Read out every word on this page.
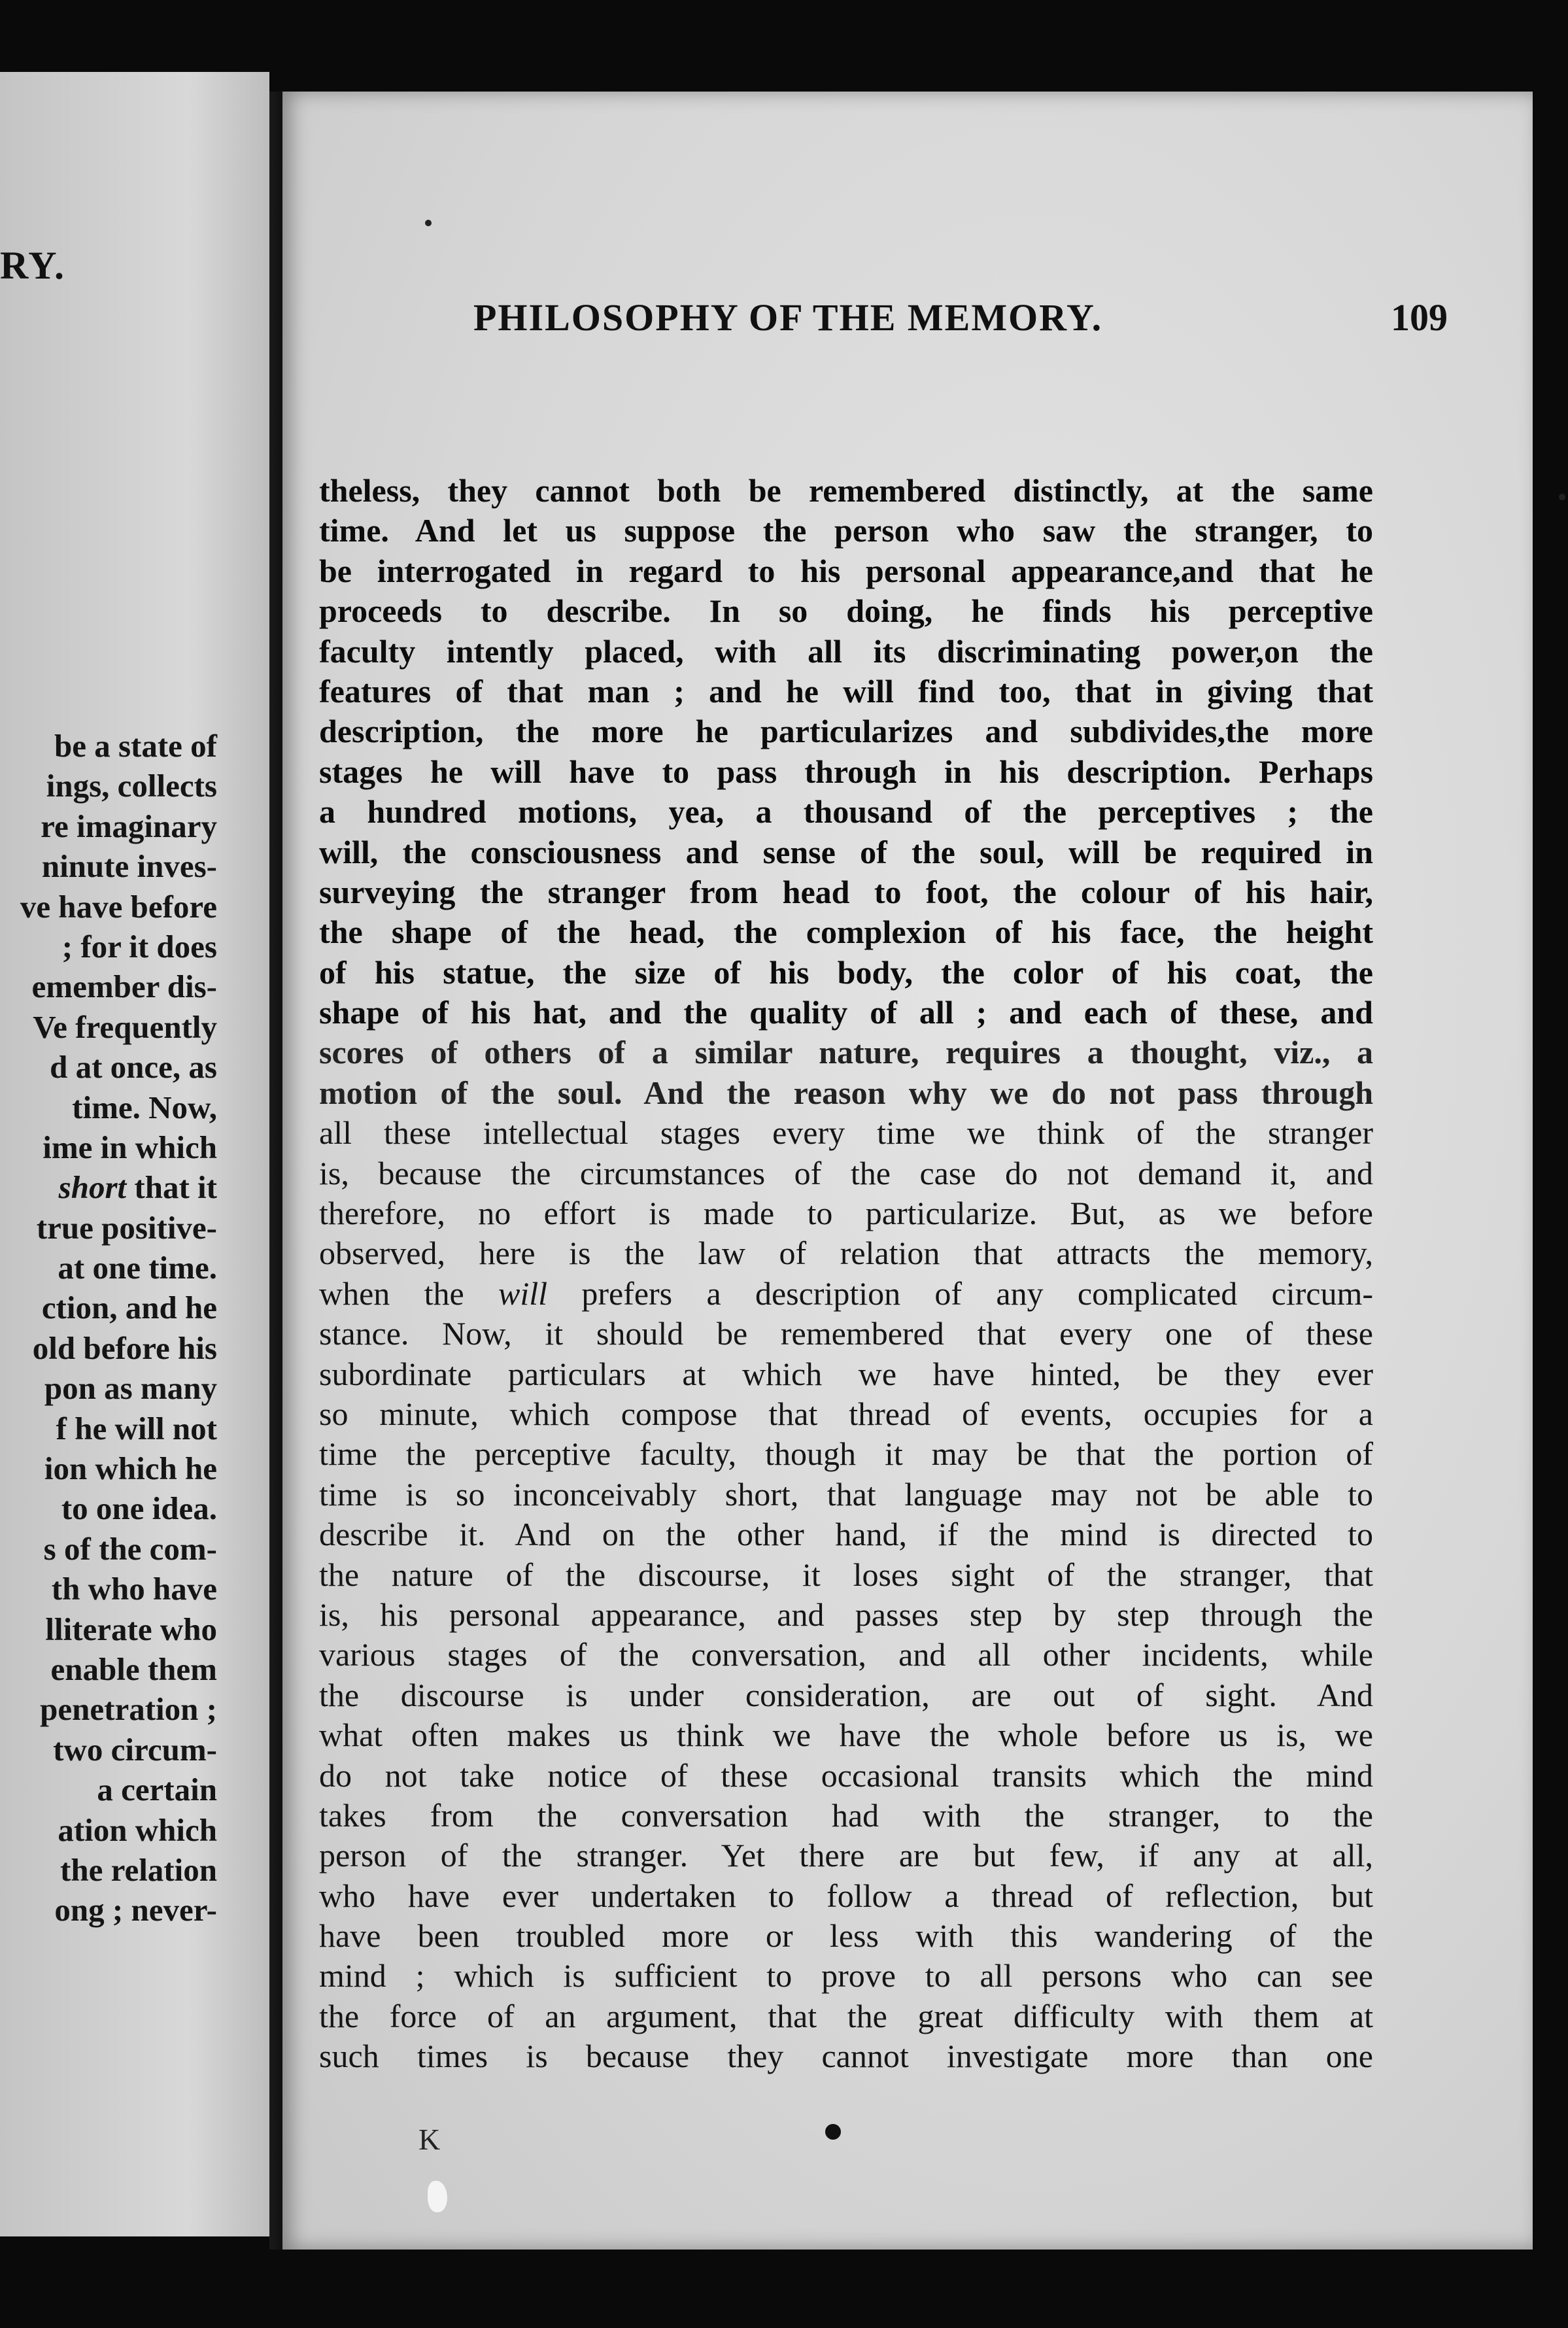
RY.
be a state of
ings, collects
re imaginary
ninute inves-
ve have before
; for it does
emember dis-
Ve frequently
d at once, as
time. Now,
ime in which
short that it
true positive-
at one time.
ction, and he
old before his
pon as many
f he will not
ion which he
to one idea.
s of the com-
th who have
lliterate who
enable them
penetration ;
two circum-
a certain
ation which
the relation
ong ; never-
PHILOSOPHY OF THE MEMORY.	109
theless, they cannot both be remembered distinctly, at the same
time. And let us suppose the person who saw the stranger, to
be interrogated in regard to his personal appearance,and that he
proceeds to describe. In so doing, he finds his perceptive
faculty intently placed, with all its discriminating power,on the
features of that man ; and he will find too, that in giving that
description, the more he particularizes and subdivides,the more
stages he will have to pass through in his description. Perhaps
a hundred motions, yea, a thousand of the perceptives ; the
will, the consciousness and sense of the soul, will be required in
surveying the stranger from head to foot, the colour of his hair,
the shape of the head, the complexion of his face, the height
of his statue, the size of his body, the color of his coat, the
shape of his hat, and the quality of all ; and each of these, and
scores of others of a similar nature, requires a thought, viz., a
motion of the soul. And the reason why we do not pass through
all these intellectual stages every time we think of the stranger
is, because the circumstances of the case do not demand it, and
therefore, no effort is made to particularize. But, as we before
observed, here is the law of relation that attracts the memory,
when the will prefers a description of any complicated circum-
stance. Now, it should be remembered that every one of these
subordinate particulars at which we have hinted, be they ever
so minute, which compose that thread of events, occupies for a
time the perceptive faculty, though it may be that the portion of
time is so inconceivably short, that language may not be able to
describe it. And on the other hand, if the mind is directed to
the nature of the discourse, it loses sight of the stranger, that
is, his personal appearance, and passes step by step through the
various stages of the conversation, and all other incidents, while
the discourse is under consideration, are out of sight. And
what often makes us think we have the whole before us is, we
do not take notice of these occasional transits which the mind
takes from the conversation had with the stranger, to the
person of the stranger. Yet there are but few, if any at all,
who have ever undertaken to follow a thread of reflection, but
have been troubled more or less with this wandering of the
mind ; which is sufficient to prove to all persons who can see
the force of an argument, that the great difficulty with them at
such times is because they cannot investigate more than one
K
